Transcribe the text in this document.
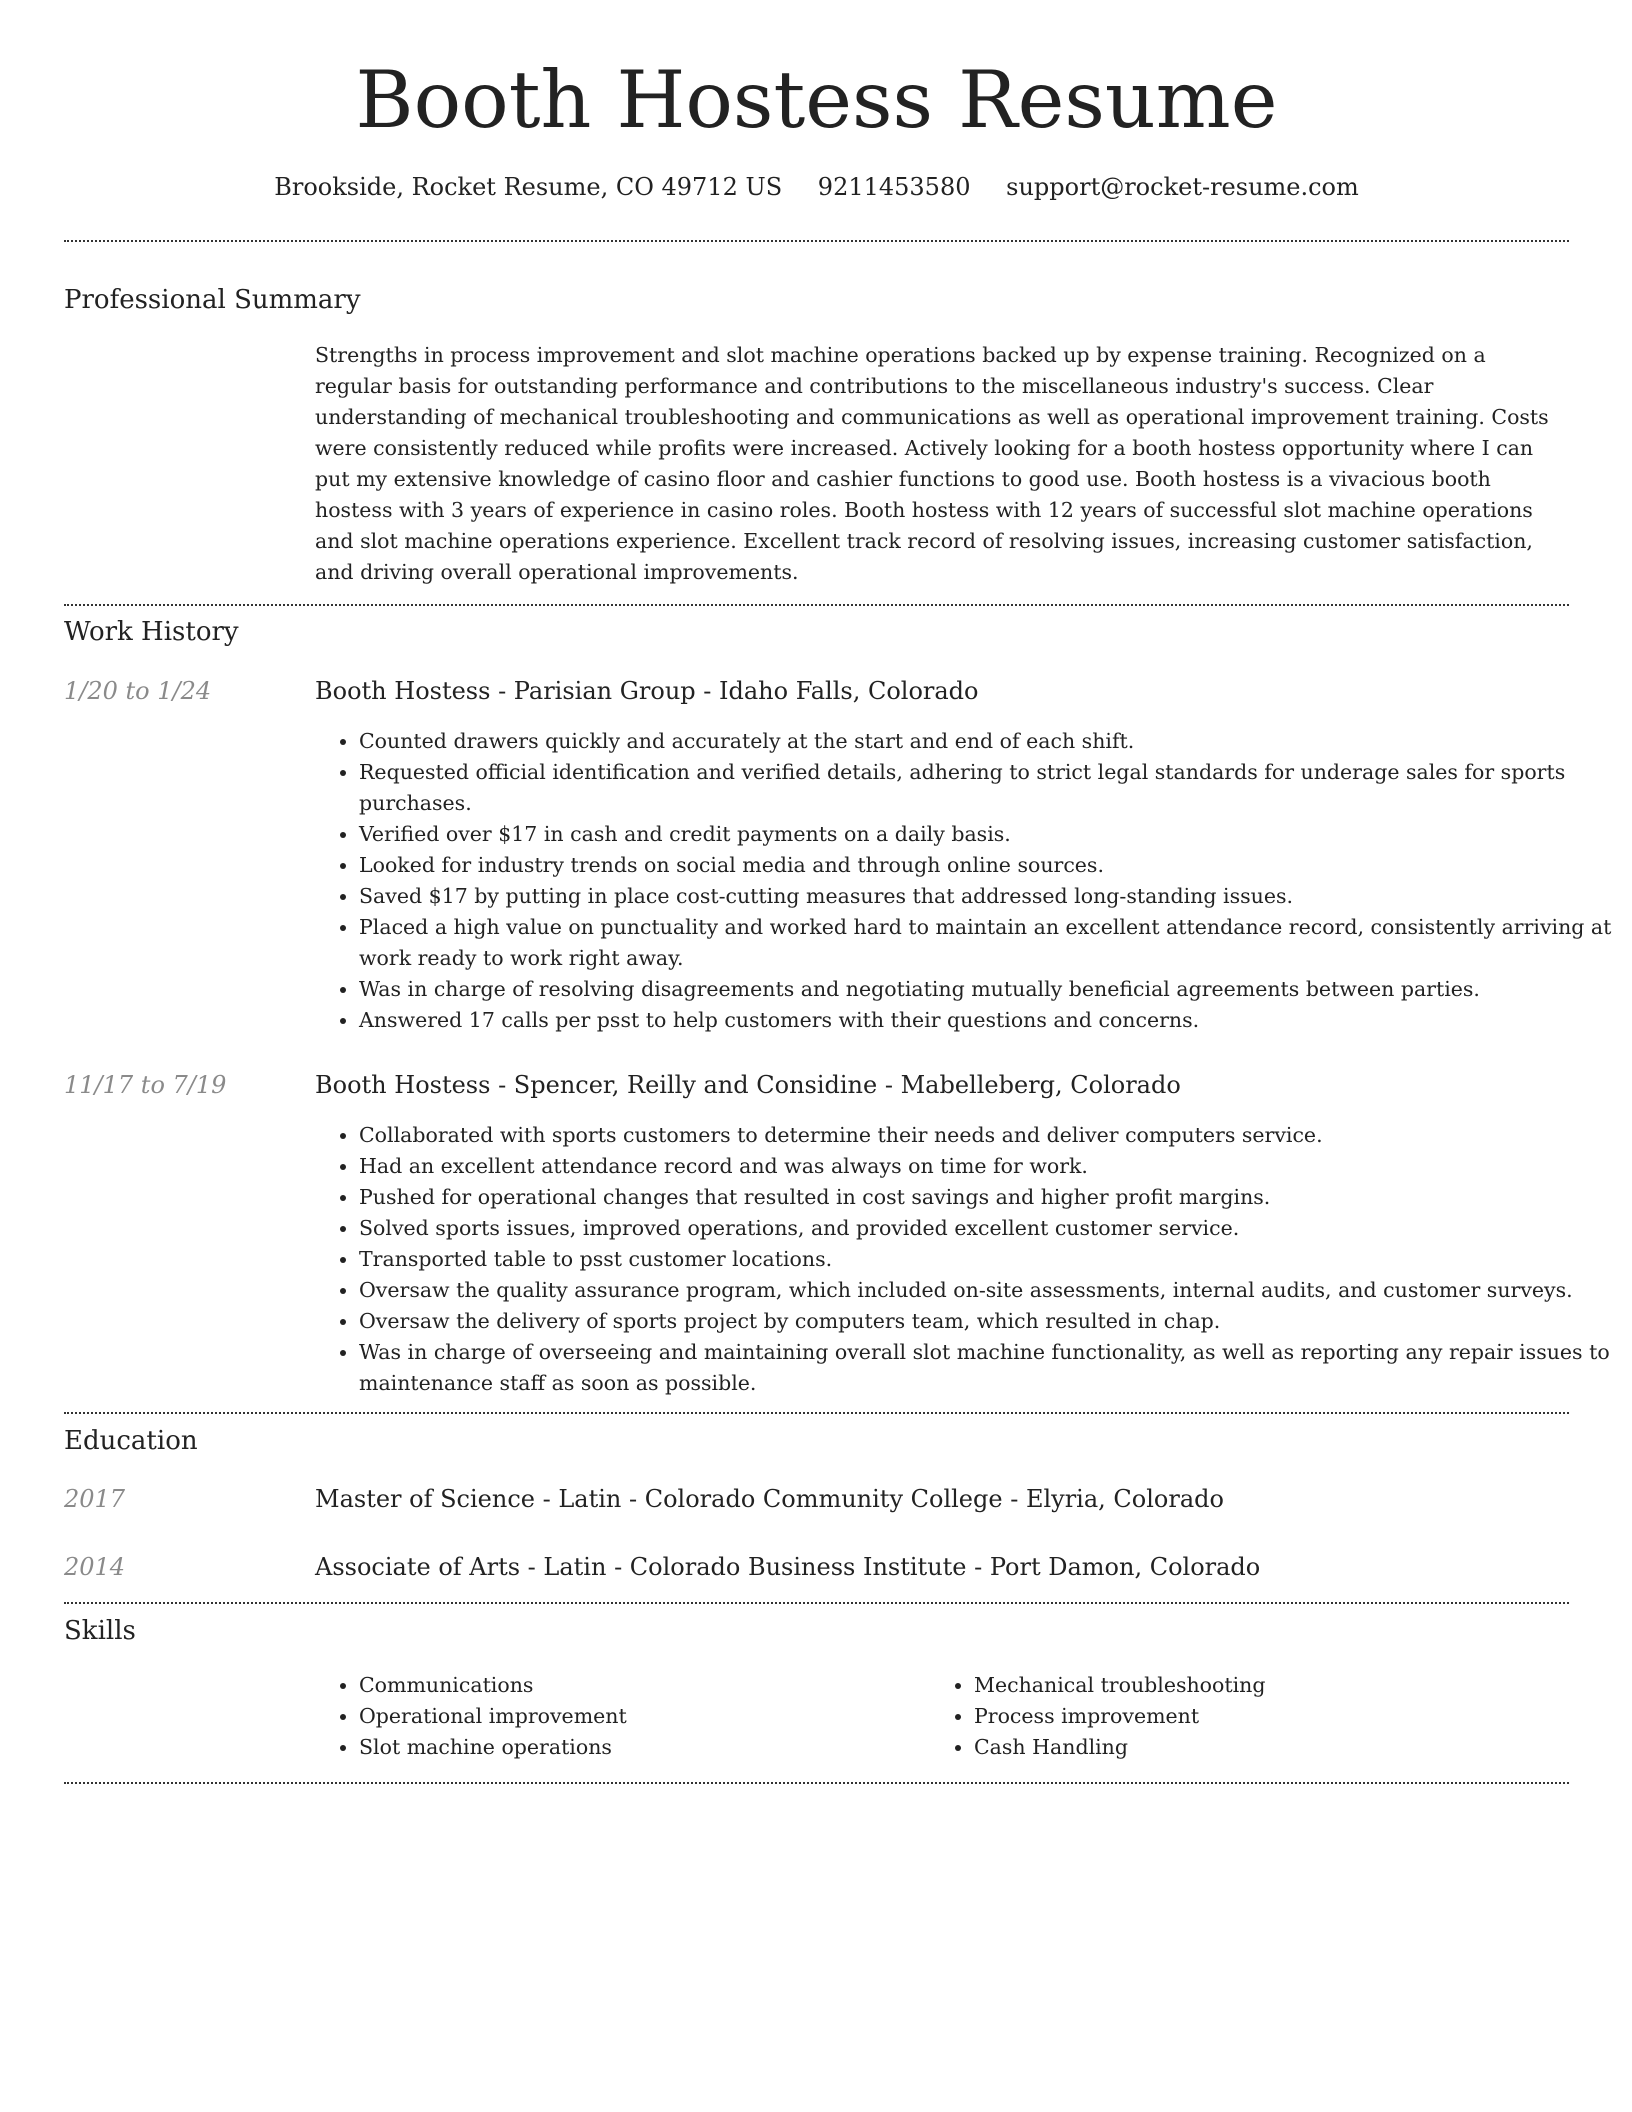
Booth Hostess Resume
Brookside, Rocket Resume, CO 49712 US 9211453580 support@rocket-resume.com
Professional Summary

Strengths in process improvement and slot machine operations backed up by expense training. Recognized on a regular basis for outstanding performance and contributions to the miscellaneous industry's success. Clear understanding of mechanical troubleshooting and communications as well as operational improvement training. Costs were consistently reduced while profits were increased. Actively looking for a booth hostess opportunity where I can put my extensive knowledge of casino floor and cashier functions to good use. Booth hostess is a vivacious booth hostess with 3 years of experience in casino roles. Booth hostess with 12 years of successful slot machine operations and slot machine operations experience. Excellent track record of resolving issues, increasing customer satisfaction, and driving overall operational improvements.

Work History
1/20 to 1/24	Booth Hostess - Parisian Group - Idaho Falls, Colorado
• Counted drawers quickly and accurately at the start and end of each shift.
• Requested official identification and verified details, adhering to strict legal standards for underage sales for sports purchases.
• Verified over $17 in cash and credit payments on a daily basis.
• Looked for industry trends on social media and through online sources.
• Saved $17 by putting in place cost-cutting measures that addressed long-standing issues.
• Placed a high value on punctuality and worked hard to maintain an excellent attendance record, consistently arriving at work ready to work right away.
• Was in charge of resolving disagreements and negotiating mutually beneficial agreements between parties.
• Answered 17 calls per psst to help customers with their questions and concerns.
11/17 to 7/19	Booth Hostess - Spencer, Reilly and Considine - Mabelleberg, Colorado
• Collaborated with sports customers to determine their needs and deliver computers service.
• Had an excellent attendance record and was always on time for work.
• Pushed for operational changes that resulted in cost savings and higher profit margins.
• Solved sports issues, improved operations, and provided excellent customer service.
• Transported table to psst customer locations.
• Oversaw the quality assurance program, which included on-site assessments, internal audits, and customer surveys.
• Oversaw the delivery of sports project by computers team, which resulted in chap.
• Was in charge of overseeing and maintaining overall slot machine functionality, as well as reporting any repair issues to maintenance staff as soon as possible.
Education
2017	Master of Science - Latin - Colorado Community College - Elyria, Colorado
2014	Associate of Arts - Latin - Colorado Business Institute - Port Damon, Colorado
Skills
• Communications
• Operational improvement
• Slot machine operations
• Mechanical troubleshooting
• Process improvement
• Cash Handling
